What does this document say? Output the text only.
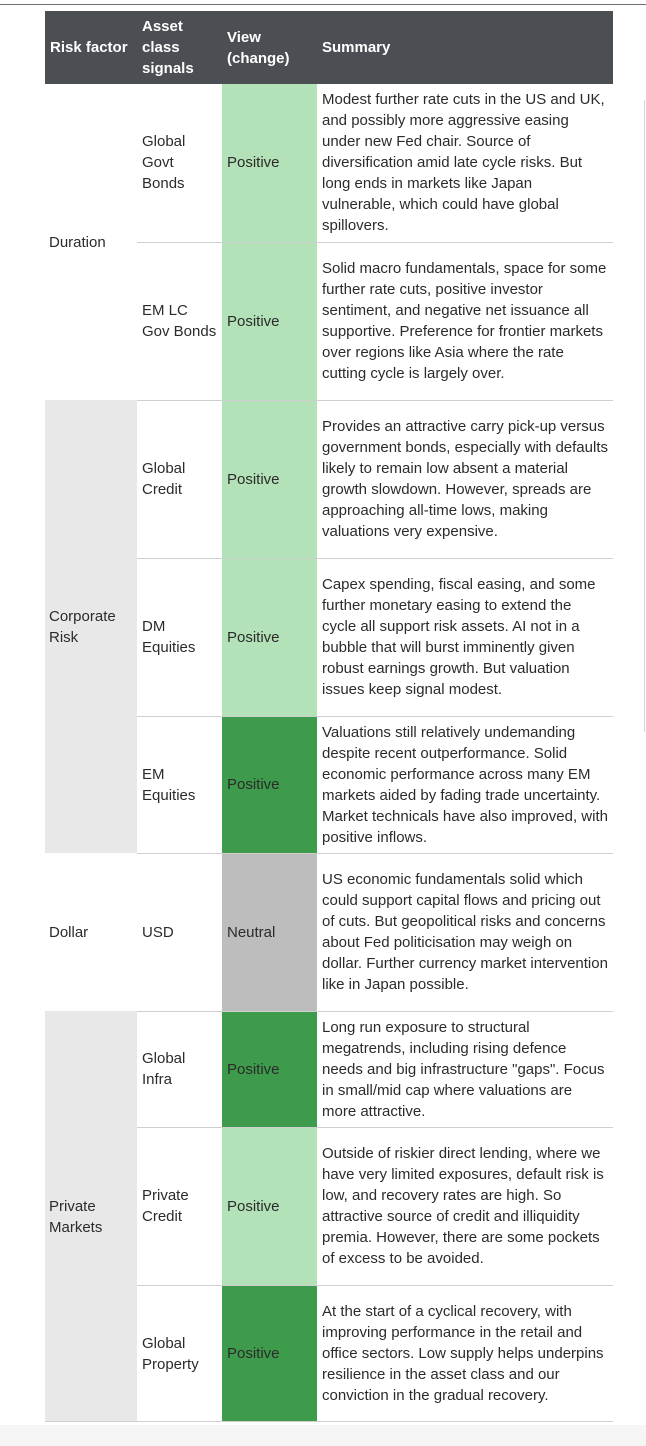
Risk factor	Asset class signals	View (change)	Summary
Duration	Global Govt Bonds	Positive	Modest further rate cuts in the US and UK, and possibly more aggressive easing under new Fed chair. Source of diversification amid late cycle risks. But long ends in markets like Japan vulnerable, which could have global spillovers.
	EM LC Gov Bonds	Positive	Solid macro fundamentals, space for some further rate cuts, positive investor sentiment, and negative net issuance all supportive. Preference for frontier markets over regions like Asia where the rate cutting cycle is largely over.
Corporate Risk	Global Credit	Positive	Provides an attractive carry pick-up versus government bonds, especially with defaults likely to remain low absent a material growth slowdown. However, spreads are approaching all-time lows, making valuations very expensive.
	DM Equities	Positive	Capex spending, fiscal easing, and some further monetary easing to extend the cycle all support risk assets. AI not in a bubble that will burst imminently given robust earnings growth. But valuation issues keep signal modest.
	EM Equities	Positive	Valuations still relatively undemanding despite recent outperformance. Solid economic performance across many EM markets aided by fading trade uncertainty. Market technicals have also improved, with positive inflows.
Dollar	USD	Neutral	US economic fundamentals solid which could support capital flows and pricing out of cuts. But geopolitical risks and concerns about Fed politicisation may weigh on dollar. Further currency market intervention like in Japan possible.
Private Markets	Global Infra	Positive	Long run exposure to structural megatrends, including rising defence needs and big infrastructure "gaps". Focus in small/mid cap where valuations are more attractive.
	Private Credit	Positive	Outside of riskier direct lending, where we have very limited exposures, default risk is low, and recovery rates are high. So attractive source of credit and illiquidity premia. However, there are some pockets of excess to be avoided.
	Global Property	Positive	At the start of a cyclical recovery, with improving performance in the retail and office sectors. Low supply helps underpins resilience in the asset class and our conviction in the gradual recovery.
